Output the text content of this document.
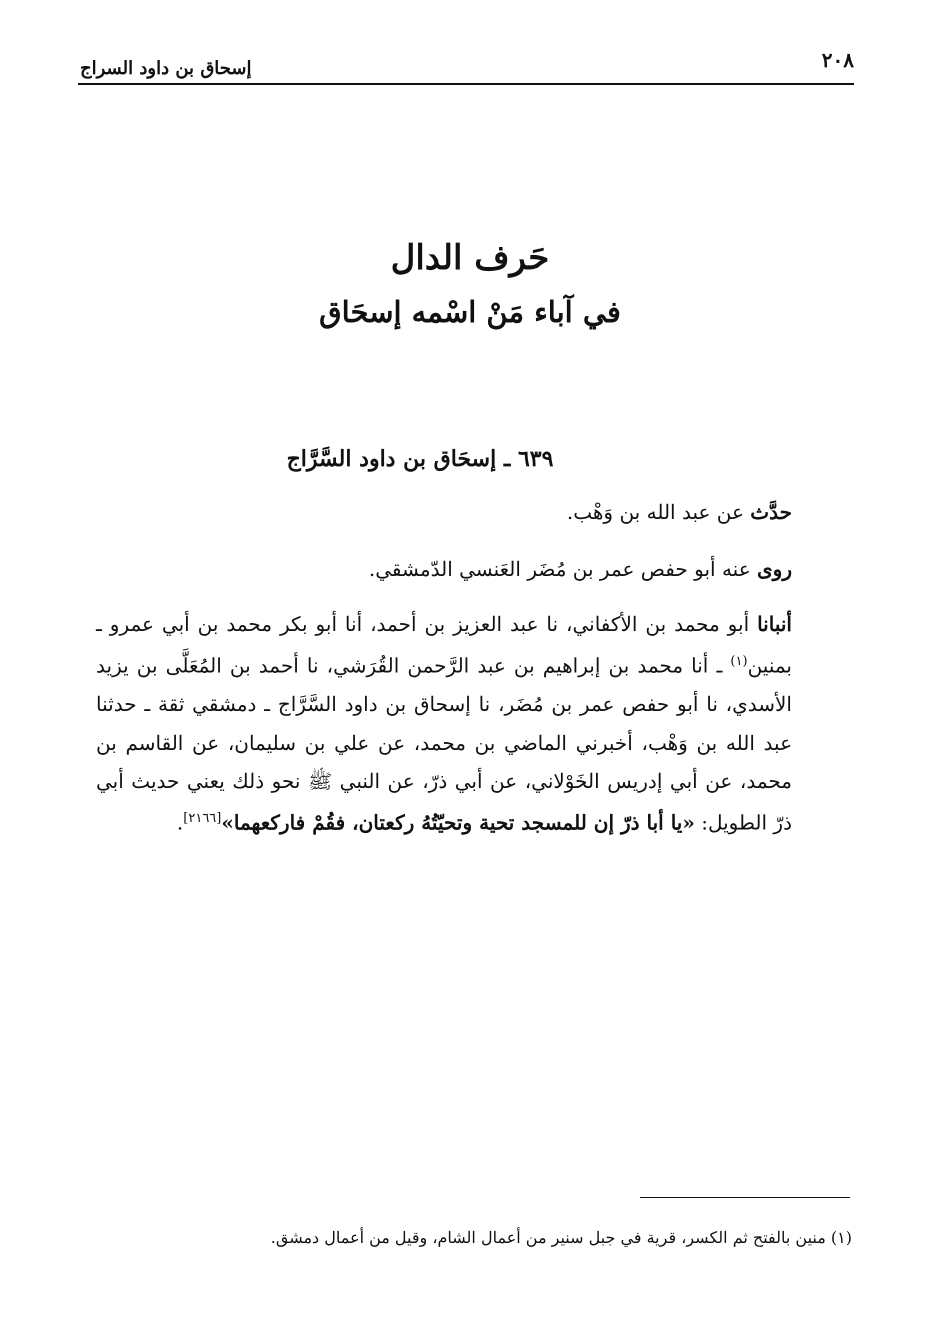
٢٠٨
إسحاق بن داود السراج
حَرف الدال
في آباء مَنْ اسْمه إسحَاق
٦٣٩ ـ إسحَاق بن داود السَّرَّاج
حدَّث عن عبد الله بن وَهْب.
روى عنه أبو حفص عمر بن مُضَر العَنسي الدّمشقي.
أنبانا أبو محمد بن الأكفاني، نا عبد العزيز بن أحمد، أنا أبو بكر محمد بن أبي عمرو ـ بمنين$^{(١)}$ ـ أنا محمد بن إبراهيم بن عبد الرَّحمن القُرَشي، نا أحمد بن المُعَلَّى بن يزيد الأسدي، نا أبو حفص عمر بن مُضَر، نا إسحاق بن داود السَّرَّاج ـ دمشقي ثقة ـ حدثنا عبد الله بن وَهْب، أخبرني الماضي بن محمد، عن علي بن سليمان، عن القاسم بن محمد، عن أبي إدريس الخَوْلاني، عن أبي ذرّ، عن النبي ﷺ نحو ذلك يعني حديث أبي ذرّ الطويل: «يا أبا ذرّ إن للمسجد تحية وتحيّتُهُ ركعتان، فقُمْ فاركعهما»[٢١٦٦].
(١) منين بالفتح ثم الكسر، قرية في جبل سنير من أعمال الشام، وقيل من أعمال دمشق.
